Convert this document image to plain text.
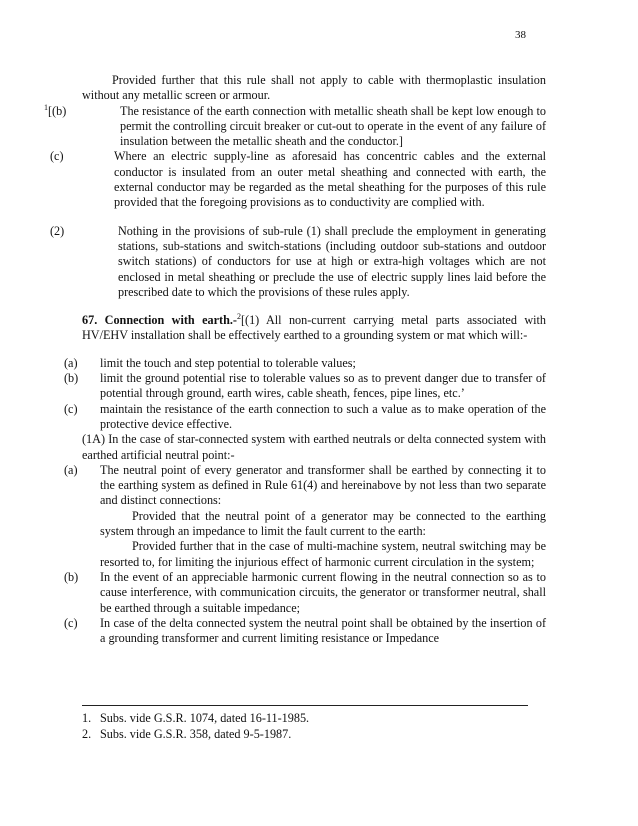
38

Provided further that this rule shall not apply to cable with thermoplastic insulation without any metallic screen or armour.

$^1$[(b)	The resistance of the earth connection with metallic sheath shall be kept low enough to permit the controlling circuit breaker or cut-out to operate in the event of any failure of insulation between the metallic sheath and the conductor.]
(c)	Where an electric supply-line as aforesaid has concentric cables and the external conductor is insulated from an outer metal sheathing and connected with earth, the external conductor may be regarded as the metal sheathing for the purposes of this rule provided that the foregoing provisions as to conductivity are complied with.
(2)	Nothing in the provisions of sub-rule (1) shall preclude the employment in generating stations, sub-stations and switch-stations (including outdoor sub-stations and outdoor switch stations) of conductors for use at high or extra-high voltages which are not enclosed in metal sheathing or preclude the use of electric supply lines laid before the prescribed date to which the provisions of these rules apply.

67. Connection with earth.-$^2$[(1) All non-current carrying metal parts associated with HV/EHV installation shall be effectively earthed to a grounding system or mat which will:-

(a) limit the touch and step potential to tolerable values;
(b) limit the ground potential rise to tolerable values so as to prevent danger due to transfer of potential through ground, earth wires, cable sheath, fences, pipe lines, etc.’
(c) maintain the resistance of the earth connection to such a value as to make operation of the protective device effective.

(1A) In the case of star-connected system with earthed neutrals or delta connected system with earthed artificial neutral point:-

(a) The neutral point of every generator and transformer shall be earthed by connecting it to the earthing system as defined in Rule 61(4) and hereinabove by not less than two separate and distinct connections:

Provided that the neutral point of a generator may be connected to the earthing system through an impedance to limit the fault current to the earth:

Provided further that in the case of multi-machine system, neutral switching may be resorted to, for limiting the injurious effect of harmonic current circulation in the system;

(b) In the event of an appreciable harmonic current flowing in the neutral connection so as to cause interference, with communication circuits, the generator or transformer neutral, shall be earthed through a suitable impedance;
(c) In case of the delta connected system the neutral point shall be obtained by the insertion of a grounding transformer and current limiting resistance or Impedance
1. Subs. vide G.S.R. 1074, dated 16-11-1985.
2. Subs. vide G.S.R. 358, dated 9-5-1987.
